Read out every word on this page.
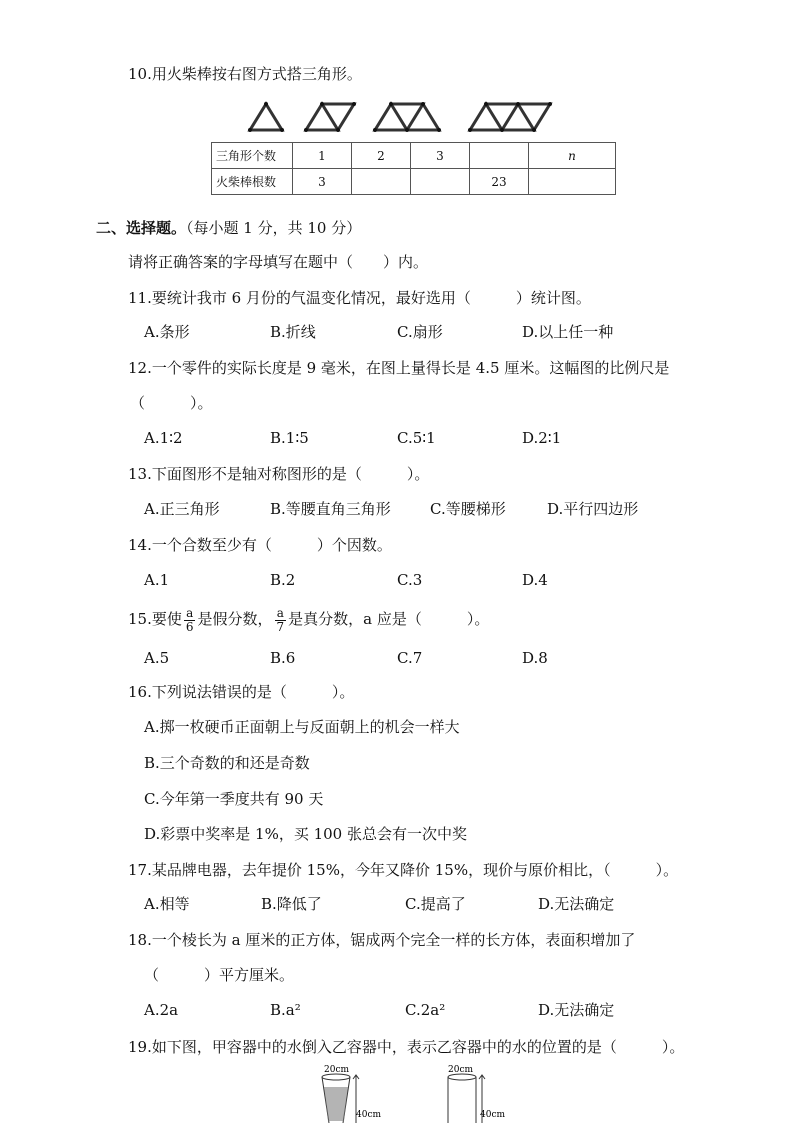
10.用火柴棒按右图方式搭三角形。
三角形个数	1	2	3		n
火柴棒根数	3			23	
二、选择题。（每小题 1 分，共 10 分）
请将正确答案的字母填写在题中（　　）内。
11.要统计我市 6 月份的气温变化情况，最好选用（　　　）统计图。
A.条形	B.折线	C.扇形	D.以上任一种
12.一个零件的实际长度是 9 毫米，在图上量得长是 4.5 厘米。这幅图的比例尺是
（　　　）。
A.1∶2	B.1∶5	C.5∶1	D.2∶1
13.下面图形不是轴对称图形的是（　　　）。
A.正三角形	B.等腰直角三角形	C.等腰梯形	D.平行四边形
14.一个合数至少有（　　　）个因数。
A.1	B.2	C.3	D.4
15.要使 $\frac{a}{6}$ 是假分数， $\frac{a}{7}$ 是真分数，a 应是（　　　）。
A.5	B.6	C.7	D.8
16.下列说法错误的是（　　　）。
A.掷一枚硬币正面朝上与反面朝上的机会一样大
B.三个奇数的和还是奇数
C.今年第一季度共有 90 天
D.彩票中奖率是 1%，买 100 张总会有一次中奖
17.某品牌电器，去年提价 15%，今年又降价 15%，现价与原价相比，（　　　）。
A.相等	B.降低了	C.提高了	D.无法确定
18.一个棱长为 a 厘米的正方体，锯成两个完全一样的长方体，表面积增加了
（　　　）平方厘米。
A.2a	B.a²	C.2a²	D.无法确定
19.如下图，甲容器中的水倒入乙容器中，表示乙容器中的水的位置的是（　　　）。
20cm
40cm
20cm
40cm
